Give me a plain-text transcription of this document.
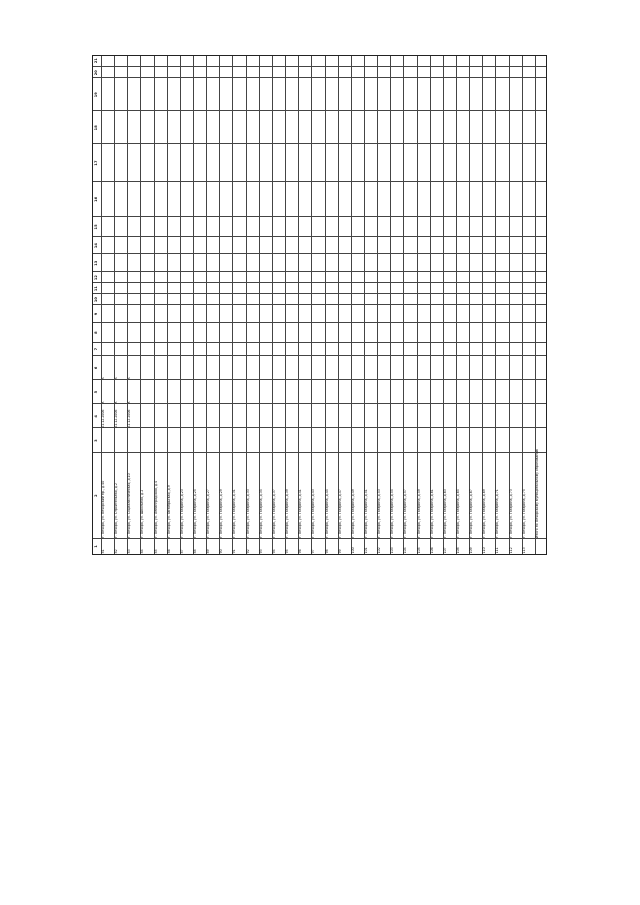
1
2
3
4
5
6
7
8
9
10
11
12
13
14
15
16
17
18
19
20
21
81
г. Печора, ул. Печорский пр., д.40
21.12.2006
Х
Х
82
г. Печора, ул. Строительная, д.2
21.12.2006
Х
Х
83
г. Печора, ул. Социалистическая, д.10
21.12.2006
Х
Х
84
г. Печора, ул. Школьная, д.2
85
г. Печора, ул. Ленинградская, д.4
86
г. Печора, ул. Октябрьская, д.9
87
г. Печора, ул. Гагарина, д.23
88
г. Печора, ул. Гагарина, д.25
89
г. Печора, ул. Гагарина, д.27
90
г. Печора, ул. Гагарина, д.29
91
г. Печора, ул. Гагарина, д.31
92
г. Печора, ул. Гагарина, д.33
93
г. Печора, ул. Гагарина, д.35
94
г. Печора, ул. Гагарина, д.37
95
г. Печора, ул. Гагарина, д.39
96
г. Печора, ул. Гагарина, д.41
97
г. Печора, ул. Гагарина, д.43
98
г. Печора, ул. Гагарина, д.45
99
г. Печора, ул. Гагарина, д.47
100
г. Печора, ул. Гагарина, д.49
101
г. Печора, ул. Гагарина, д.51
102
г. Печора, ул. Гагарина, д.53
103
г. Печора, ул. Гагарина, д.55
104
г. Печора, ул. Гагарина, д.57
105
г. Печора, ул. Гагарина, д.59
106
г. Печора, ул. Гагарина, д.61
107
г. Печора, ул. Гагарина, д.63
108
г. Печора, ул. Гагарина, д.65
109
г. Печора, ул. Гагарина, д.67
110
г. Печора, ул. Гагарина, д.69
111
г. Печора, ул. Гагарина, д.71
112
г. Печора, ул. Гагарина, д.73
113
г. Печора, ул. Гагарина, д.75	Итого по Печорскому муниципальному образованию
